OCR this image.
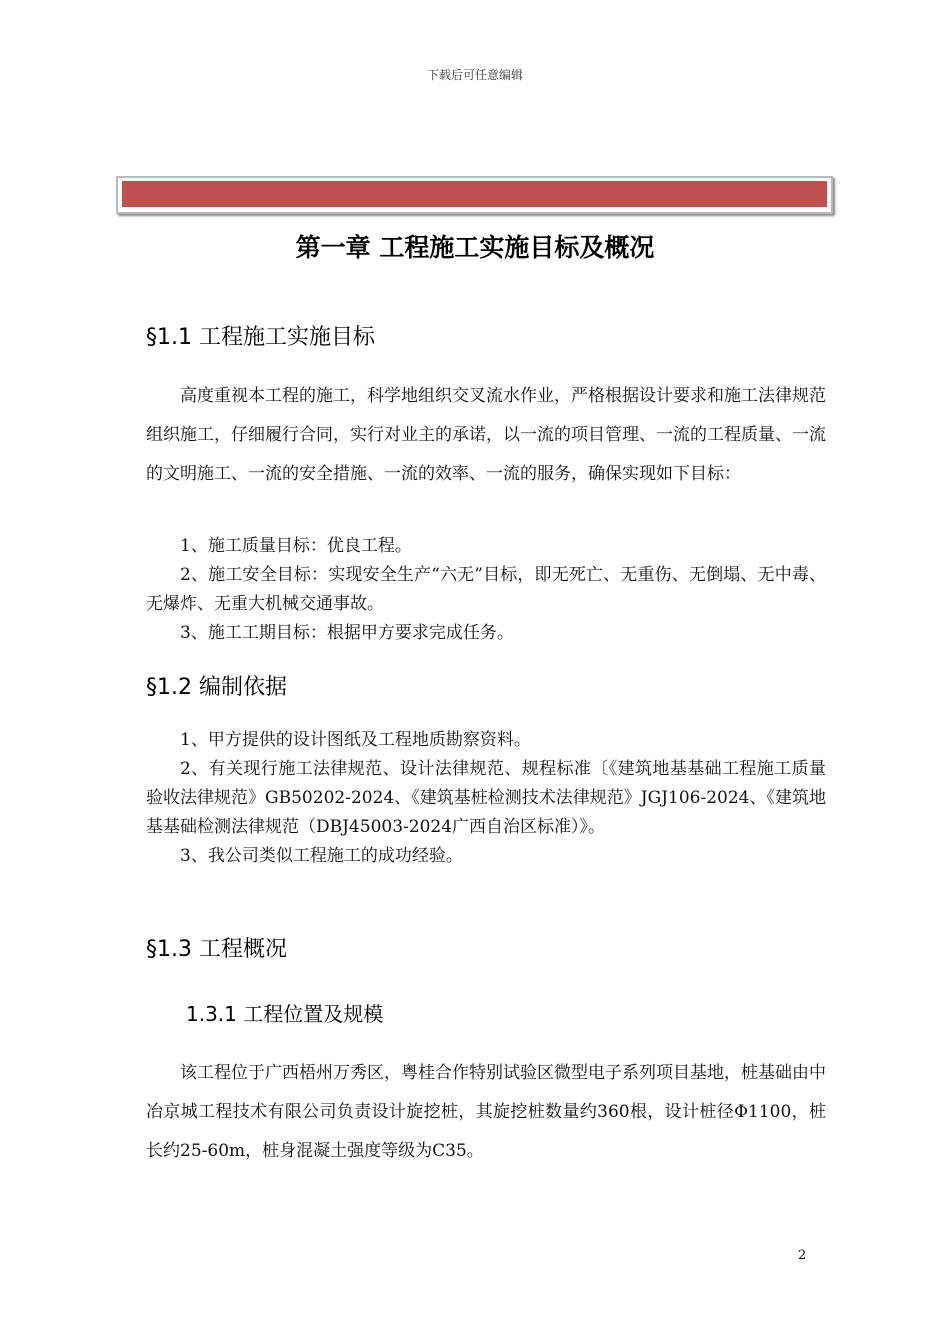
下载后可任意编辑
第一章 工程施工实施目标及概况
§1.1 工程施工实施目标
高度重视本工程的施工，科学地组织交叉流水作业，严格根据设计要求和施工法律规范组织施工，仔细履行合同，实行对业主的承诺，以一流的项目管理、一流的工程质量、一流的文明施工、一流的安全措施、一流的效率、一流的服务，确保实现如下目标：
1、施工质量目标：优良工程。
2、施工安全目标：实现安全生产“六无”目标，即无死亡、无重伤、无倒塌、无中毒、无爆炸、无重大机械交通事故。
3、施工工期目标：根据甲方要求完成任务。
§1.2 编制依据
1、甲方提供的设计图纸及工程地质勘察资料。
2、有关现行施工法律规范、设计法律规范、规程标准〔《建筑地基基础工程施工质量验收法律规范》GB50202-2024、《建筑基桩检测技术法律规范》JGJ106-2024、《建筑地基基础检测法律规范（DBJ45003-2024广西自治区标准）》。
3、我公司类似工程施工的成功经验。
§1.3 工程概况
1.3.1 工程位置及规模
该工程位于广西梧州万秀区，粤桂合作特别试验区微型电子系列项目基地，桩基础由中冶京城工程技术有限公司负责设计旋挖桩，其旋挖桩数量约360根，设计桩径Φ1100，桩长约25-60m，桩身混凝土强度等级为C35。
2
